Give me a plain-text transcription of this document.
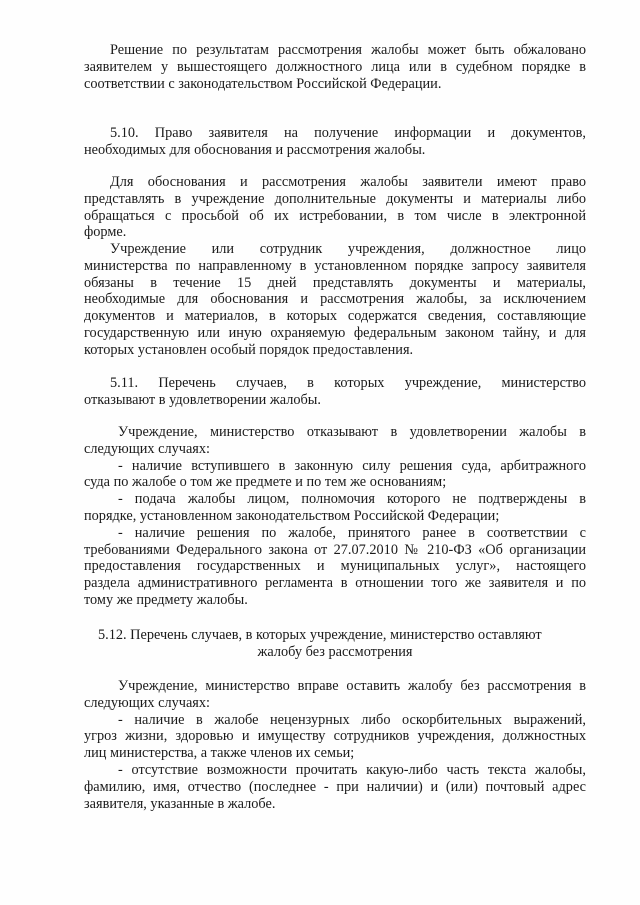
Решение по результатам рассмотрения жалобы может быть обжаловано
заявителем у вышестоящего должностного лица или в судебном порядке в
соответствии с законодательством Российской Федерации.
5.10. Право заявителя на получение информации и документов,
необходимых для обоснования и рассмотрения жалобы.
Для обоснования и рассмотрения жалобы заявители имеют право
представлять в учреждение дополнительные документы и материалы либо
обращаться с просьбой об их истребовании, в том числе в электронной
форме.
Учреждение или сотрудник учреждения, должностное лицо
министерства по направленному в установленном порядке запросу заявителя
обязаны в течение 15 дней представлять документы и материалы,
необходимые для обоснования и рассмотрения жалобы, за исключением
документов и материалов, в которых содержатся сведения, составляющие
государственную или иную охраняемую федеральным законом тайну, и для
которых установлен особый порядок предоставления.
5.11. Перечень случаев, в которых учреждение, министерство
отказывают в удовлетворении жалобы.
Учреждение, министерство отказывают в удовлетворении жалобы в
следующих случаях:
- наличие вступившего в законную силу решения суда, арбитражного
суда по жалобе о том же предмете и по тем же основаниям;
- подача жалобы лицом, полномочия которого не подтверждены в
порядке, установленном законодательством Российской Федерации;
- наличие решения по жалобе, принятого ранее в соответствии с
требованиями Федерального закона от 27.07.2010 № 210-ФЗ «Об организации
предоставления государственных и муниципальных услуг», настоящего
раздела административного регламента в отношении того же заявителя и по
тому же предмету жалобы.
5.12. Перечень случаев, в которых учреждение, министерство оставляют
жалобу без рассмотрения
Учреждение, министерство вправе оставить жалобу без рассмотрения в
следующих случаях:
- наличие в жалобе нецензурных либо оскорбительных выражений,
угроз жизни, здоровью и имуществу сотрудников учреждения, должностных
лиц министерства, а также членов их семьи;
- отсутствие возможности прочитать какую-либо часть текста жалобы,
фамилию, имя, отчество (последнее - при наличии) и (или) почтовый адрес
заявителя, указанные в жалобе.
